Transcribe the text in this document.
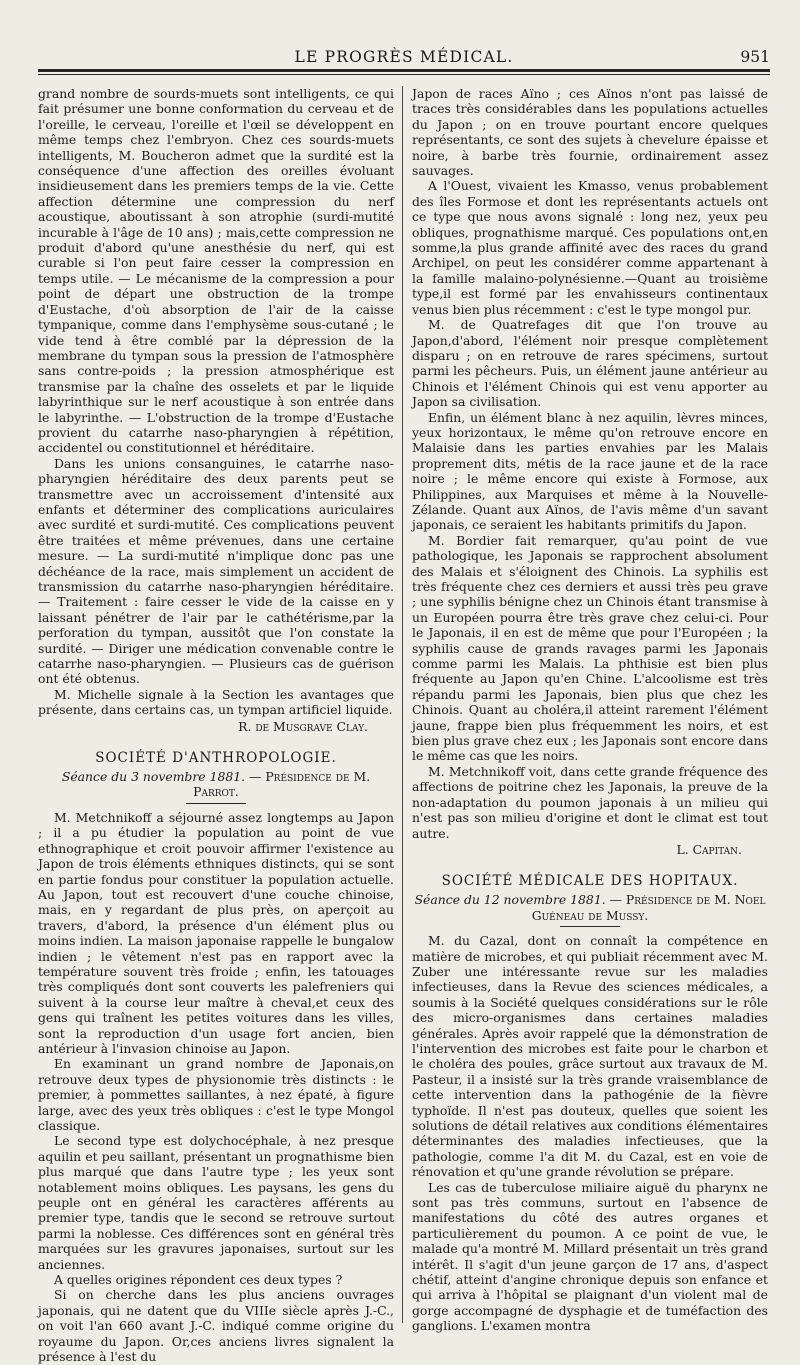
LE PROGRÈS MÉDICAL.	951

grand nombre de sourds-muets sont intelligents, ce qui fait présumer une bonne conformation du cerveau et de l'oreille, le cerveau, l'oreille et l'œil se développent en même temps chez l'embryon. Chez ces sourds-muets intelligents, M. Boucheron admet que la surdité est la conséquence d'une affection des oreilles évoluant insidieusement dans les premiers temps de la vie. Cette affection détermine une compression du nerf acoustique, aboutissant à son atrophie (surdi-mutité incurable à l'âge de 10 ans) ; mais,cette compression ne produit d'abord qu'une anesthésie du nerf, qui est curable si l'on peut faire cesser la compression en temps utile. — Le mécanisme de la compression a pour point de départ une obstruction de la trompe d'Eustache, d'où absorption de l'air de la caisse tympanique, comme dans l'emphysème sous-cutané ; le vide tend à être comblé par la dépression de la membrane du tympan sous la pression de l'atmosphère sans contre-poids ; la pression atmosphérique est transmise par la chaîne des osselets et par le liquide labyrinthique sur le nerf acoustique à son entrée dans le labyrinthe. — L'obstruction de la trompe d'Eustache provient du catarrhe naso-pharyngien à répétition, accidentel ou constitutionnel et héréditaire.

Dans les unions consanguines, le catarrhe naso-pharyngien héréditaire des deux parents peut se transmettre avec un accroissement d'intensité aux enfants et déterminer des complications auriculaires avec surdité et surdi-mutité. Ces complications peuvent être traitées et même prévenues, dans une certaine mesure. — La surdi-mutité n'implique donc pas une déchéance de la race, mais simplement un accident de transmission du catarrhe naso-pharyngien héréditaire. — Traitement : faire cesser le vide de la caisse en y laissant pénétrer de l'air par le cathétérisme,par la perforation du tympan, aussitôt que l'on constate la surdité. — Diriger une médication convenable contre le catarrhe naso-pharyngien. — Plusieurs cas de guérison ont été obtenus.

M. Michelle signale à la Section les avantages que présente, dans certains cas, un tympan artificiel liquide.

R. de Musgrave Clay.
SOCIÉTÉ D'ANTHROPOLOGIE.
Séance du 3 novembre 1881. — Présidence de M. Parrot.

M. Metchnikoff a séjourné assez longtemps au Japon ; il a pu étudier la population au point de vue ethnographique et croit pouvoir affirmer l'existence au Japon de trois éléments ethniques distincts, qui se sont en partie fondus pour constituer la population actuelle. Au Japon, tout est recouvert d'une couche chinoise, mais, en y regardant de plus près, on aperçoit au travers, d'abord, la présence d'un élément plus ou moins indien. La maison japonaise rappelle le bungalow indien ; le vêtement n'est pas en rapport avec la température souvent très froide ; enfin, les tatouages très compliqués dont sont couverts les palefreniers qui suivent à la course leur maître à cheval,et ceux des gens qui traînent les petites voitures dans les villes, sont la reproduction d'un usage fort ancien, bien antérieur à l'invasion chinoise au Japon.

En examinant un grand nombre de Japonais,on retrouve deux types de physionomie très distincts : le premier, à pommettes saillantes, à nez épaté, à figure large, avec des yeux très obliques : c'est le type Mongol classique.

Le second type est dolychocéphale, à nez presque aquilin et peu saillant, présentant un prognathisme bien plus marqué que dans l'autre type ; les yeux sont notablement moins obliques. Les paysans, les gens du peuple ont en général les caractères afférents au premier type, tandis que le second se retrouve surtout parmi la noblesse. Ces différences sont en général très marquées sur les gravures japonaises, surtout sur les anciennes.

A quelles origines répondent ces deux types ?

Si on cherche dans les plus anciens ouvrages japonais, qui ne datent que du VIIIe siècle après J.-C., on voit l'an 660 avant J.-C. indiqué comme origine du royaume du Japon. Or,ces anciens livres signalent la présence à l'est du

Japon de races Aïno ; ces Aïnos n'ont pas laissé de traces très considérables dans les populations actuelles du Japon ; on en trouve pourtant encore quelques représentants, ce sont des sujets à chevelure épaisse et noire, à barbe très fournie, ordinairement assez sauvages.

A l'Ouest, vivaient les Kmasso, venus probablement des îles Formose et dont les représentants actuels ont ce type que nous avons signalé : long nez, yeux peu obliques, prognathisme marqué. Ces populations ont,en somme,la plus grande affinité avec des races du grand Archipel, on peut les considérer comme appartenant à la famille malaino-polynésienne.—Quant au troisième type,il est formé par les envahisseurs continentaux venus bien plus récemment : c'est le type mongol pur.

M. de Quatrefages dit que l'on trouve au Japon,d'abord, l'élément noir presque complètement disparu ; on en retrouve de rares spécimens, surtout parmi les pêcheurs. Puis, un élément jaune antérieur au Chinois et l'élément Chinois qui est venu apporter au Japon sa civilisation.

Enfin, un élément blanc à nez aquilin, lèvres minces, yeux horizontaux, le même qu'on retrouve encore en Malaisie dans les parties envahies par les Malais proprement dits, métis de la race jaune et de la race noire ; le même encore qui existe à Formose, aux Philippines, aux Marquises et même à la Nouvelle-Zélande. Quant aux Aïnos, de l'avis même d'un savant japonais, ce seraient les habitants primitifs du Japon.

M. Bordier fait remarquer, qu'au point de vue pathologique, les Japonais se rapprochent absolument des Malais et s'éloignent des Chinois. La syphilis est très fréquente chez ces derniers et aussi très peu grave ; une syphilis bénigne chez un Chinois étant transmise à un Européen pourra être très grave chez celui-ci. Pour le Japonais, il en est de même que pour l'Européen ; la syphilis cause de grands ravages parmi les Japonais comme parmi les Malais. La phthisie est bien plus fréquente au Japon qu'en Chine. L'alcoolisme est très répandu parmi les Japonais, bien plus que chez les Chinois. Quant au choléra,il atteint rarement l'élément jaune, frappe bien plus fréquemment les noirs, et est bien plus grave chez eux ; les Japonais sont encore dans le même cas que les noirs.

M. Metchnikoff voit, dans cette grande fréquence des affections de poitrine chez les Japonais, la preuve de la non-adaptation du poumon japonais à un milieu qui n'est pas son milieu d'origine et dont le climat est tout autre.

L. Capitan.
SOCIÉTÉ MÉDICALE DES HOPITAUX.
Séance du 12 novembre 1881. — Présidence de M. Noel Guéneau de Mussy.

M. du Cazal, dont on connaît la compétence en matière de microbes, et qui publiait récemment avec M. Zuber une intéressante revue sur les maladies infectieuses, dans la Revue des sciences médicales, a soumis à la Société quelques considérations sur le rôle des micro-organismes dans certaines maladies générales. Après avoir rappelé que la démonstration de l'intervention des microbes est faite pour le charbon et le choléra des poules, grâce surtout aux travaux de M. Pasteur, il a insisté sur la très grande vraisemblance de cette intervention dans la pathogénie de la fièvre typhoïde. Il n'est pas douteux, quelles que soient les solutions de détail relatives aux conditions élémentaires déterminantes des maladies infectieuses, que la pathologie, comme l'a dit M. du Cazal, est en voie de rénovation et qu'une grande révolution se prépare.

Les cas de tuberculose miliaire aiguë du pharynx ne sont pas très communs, surtout en l'absence de manifestations du côté des autres organes et particulièrement du poumon. A ce point de vue, le malade qu'a montré M. Millard présentait un très grand intérêt. Il s'agit d'un jeune garçon de 17 ans, d'aspect chétif, atteint d'angine chronique depuis son enfance et qui arriva à l'hôpital se plaignant d'un violent mal de gorge accompagné de dysphagie et de tuméfaction des ganglions. L'examen montra
